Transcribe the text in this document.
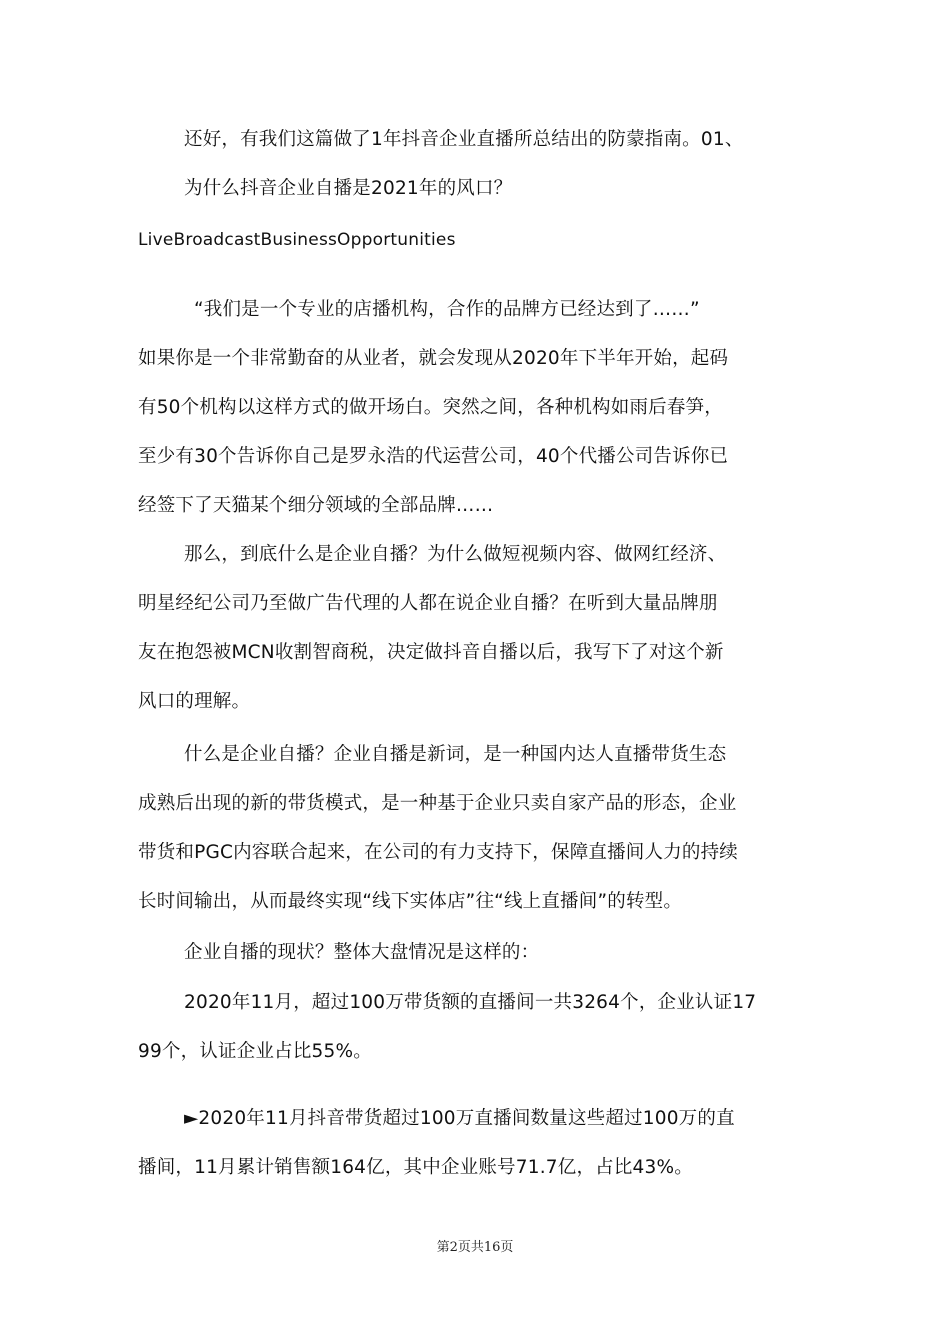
还好，有我们这篇做了1年抖音企业直播所总结出的防蒙指南。01、
为什么抖音企业自播是2021年的风口？
LiveBroadcastBusinessOpportunities
“我们是一个专业的店播机构，合作的品牌方已经达到了……”
如果你是一个非常勤奋的从业者，就会发现从2020年下半年开始，起码
有50个机构以这样方式的做开场白。突然之间，各种机构如雨后春笋，
至少有30个告诉你自己是罗永浩的代运营公司，40个代播公司告诉你已
经签下了天猫某个细分领域的全部品牌……
那么，到底什么是企业自播？为什么做短视频内容、做网红经济、
明星经纪公司乃至做广告代理的人都在说企业自播？在听到大量品牌朋
友在抱怨被MCN收割智商税，决定做抖音自播以后，我写下了对这个新
风口的理解。
什么是企业自播？企业自播是新词，是一种国内达人直播带货生态
成熟后出现的新的带货模式，是一种基于企业只卖自家产品的形态，企业
带货和PGC内容联合起来，在公司的有力支持下，保障直播间人力的持续
长时间输出，从而最终实现“线下实体店”往“线上直播间”的转型。
企业自播的现状？整体大盘情况是这样的：
2020年11月，超过100万带货额的直播间一共3264个，企业认证17
99个，认证企业占比55%。
►2020年11月抖音带货超过100万直播间数量这些超过100万的直
播间，11月累计销售额164亿，其中企业账号71.7亿，占比43%。
第2页共16页
